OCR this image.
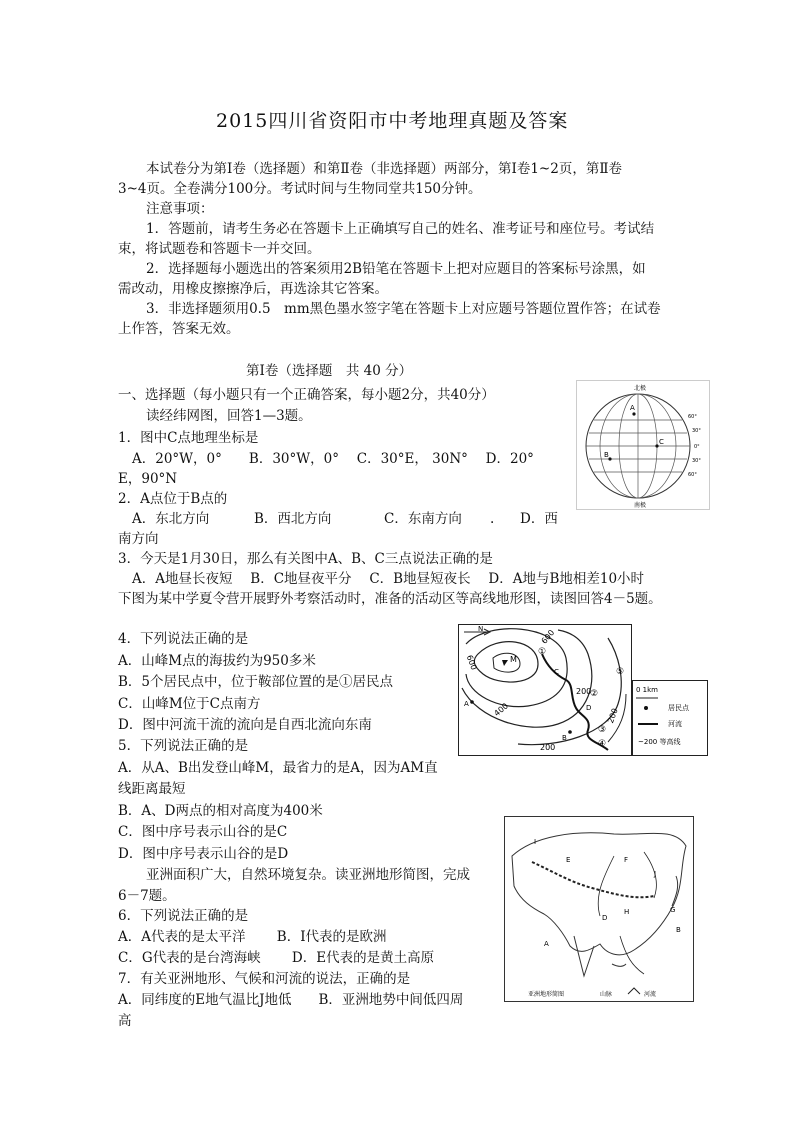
2015四川省资阳市中考地理真题及答案
本试卷分为第Ⅰ卷（选择题）和第Ⅱ卷（非选择题）两部分，第Ⅰ卷1~2页，第Ⅱ卷
3~4页。全卷满分100分。考试时间与生物同堂共150分钟。
注意事项：
1．答题前，请考生务必在答题卡上正确填写自己的姓名、准考证号和座位号。考试结
束，将试题卷和答题卡一并交回。
2．选择题每小题选出的答案须用2B铅笔在答题卡上把对应题目的答案标号涂黑，如
需改动，用橡皮擦擦净后，再选涂其它答案。
3．非选择题须用0.5　mm黑色墨水签字笔在答题卡上对应题号答题位置作答；在试卷
上作答，答案无效。
第Ⅰ卷（选择题　共 40 分）
一、选择题（每小题只有一个正确答案，每小题2分，共40分）
读经纬网图，回答1—3题。
1．图中C点地理坐标是
A．20°W，0°　　B．30°W，0°　 C．30°E， 30N°　 D．20°
E，90°N
2．A点位于B点的
A．东北方向	B．西北方向	C．东南方向 . D．西
南方向
3．今天是1月30日，那么有关图中A、B、C三点说法正确的是
A．A地昼长夜短　 B．C地昼夜平分　 C．B地昼短夜长　 D．A地与B地相差10小时
下图为某中学夏令营开展野外考察活动时，准备的活动区等高线地形图，读图回答4－5题。
4．下列说法正确的是
A．山峰M点的海拔约为950多米
B．5个居民点中，位于鞍部位置的是①居民点
C．山峰M位于C点南方
D．图中河流干流的流向是自西北流向东南
5．下列说法正确的是
A．从A、B出发登山峰M，最省力的是A，因为AM直
线距离最短
B．A、D两点的相对高度为400米
C．图中序号表示山谷的是C
D．图中序号表示山谷的是D
亚洲面积广大，自然环境复杂。读亚洲地形简图，完成
6－7题。
6．下列说法正确的是
A．A代表的是太平洋　　 B．I代表的是欧洲
C．G代表的是台湾海峡　　 D．E代表的是黄土高原
7．有关亚洲地形、气候和河流的说法，正确的是
A．同纬度的E地气温比J地低　　B．亚洲地势中间低四周
高
北极
南极
60°
30°
0°
30°
60°
A
B
C
N
M
600
600
400
200
200
200
A
B
C
D
①
②
③
④
⑤
0 1km
居民点
河流
~200 等高线
E	F
I
J
G
A
B
D
H
亚洲地形简图	山脉	河流
